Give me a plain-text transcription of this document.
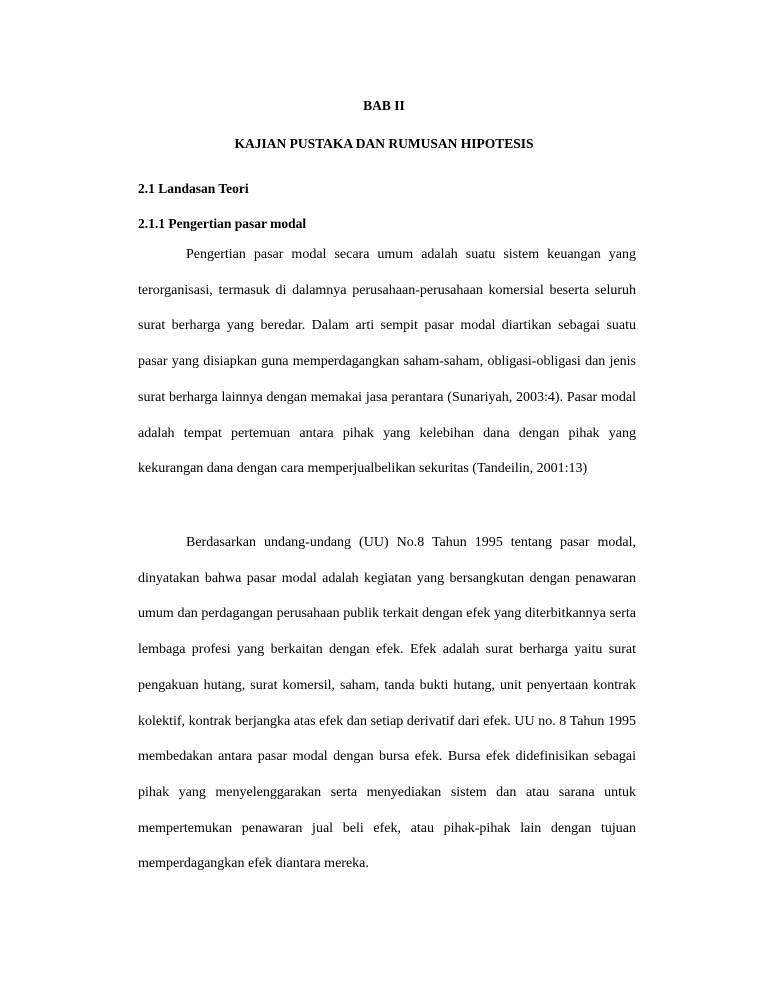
BAB II
KAJIAN PUSTAKA DAN RUMUSAN HIPOTESIS
2.1 Landasan Teori
2.1.1 Pengertian pasar modal

Pengertian pasar modal secara umum adalah suatu sistem keuangan yang terorganisasi, termasuk di dalamnya perusahaan-perusahaan komersial beserta seluruh surat berharga yang beredar. Dalam arti sempit pasar modal diartikan sebagai suatu pasar yang disiapkan guna memperdagangkan saham-saham, obligasi-obligasi dan jenis surat berharga lainnya dengan memakai jasa perantara (Sunariyah, 2003:4). Pasar modal adalah tempat pertemuan antara pihak yang kelebihan dana dengan pihak yang kekurangan dana dengan cara memperjualbelikan sekuritas (Tandeilin, 2001:13)

Berdasarkan undang-undang (UU) No.8 Tahun 1995 tentang pasar modal, dinyatakan bahwa pasar modal adalah kegiatan yang bersangkutan dengan penawaran umum dan perdagangan perusahaan publik terkait dengan efek yang diterbitkannya serta lembaga profesi yang berkaitan dengan efek. Efek adalah surat berharga yaitu surat pengakuan hutang, surat komersil, saham, tanda bukti hutang, unit penyertaan kontrak kolektif, kontrak berjangka atas efek dan setiap derivatif dari efek. UU no. 8 Tahun 1995 membedakan antara pasar modal dengan bursa efek. Bursa efek didefinisikan sebagai pihak yang menyelenggarakan serta menyediakan sistem dan atau sarana untuk mempertemukan penawaran jual beli efek, atau pihak-pihak lain dengan tujuan memperdagangkan efek diantara mereka.
